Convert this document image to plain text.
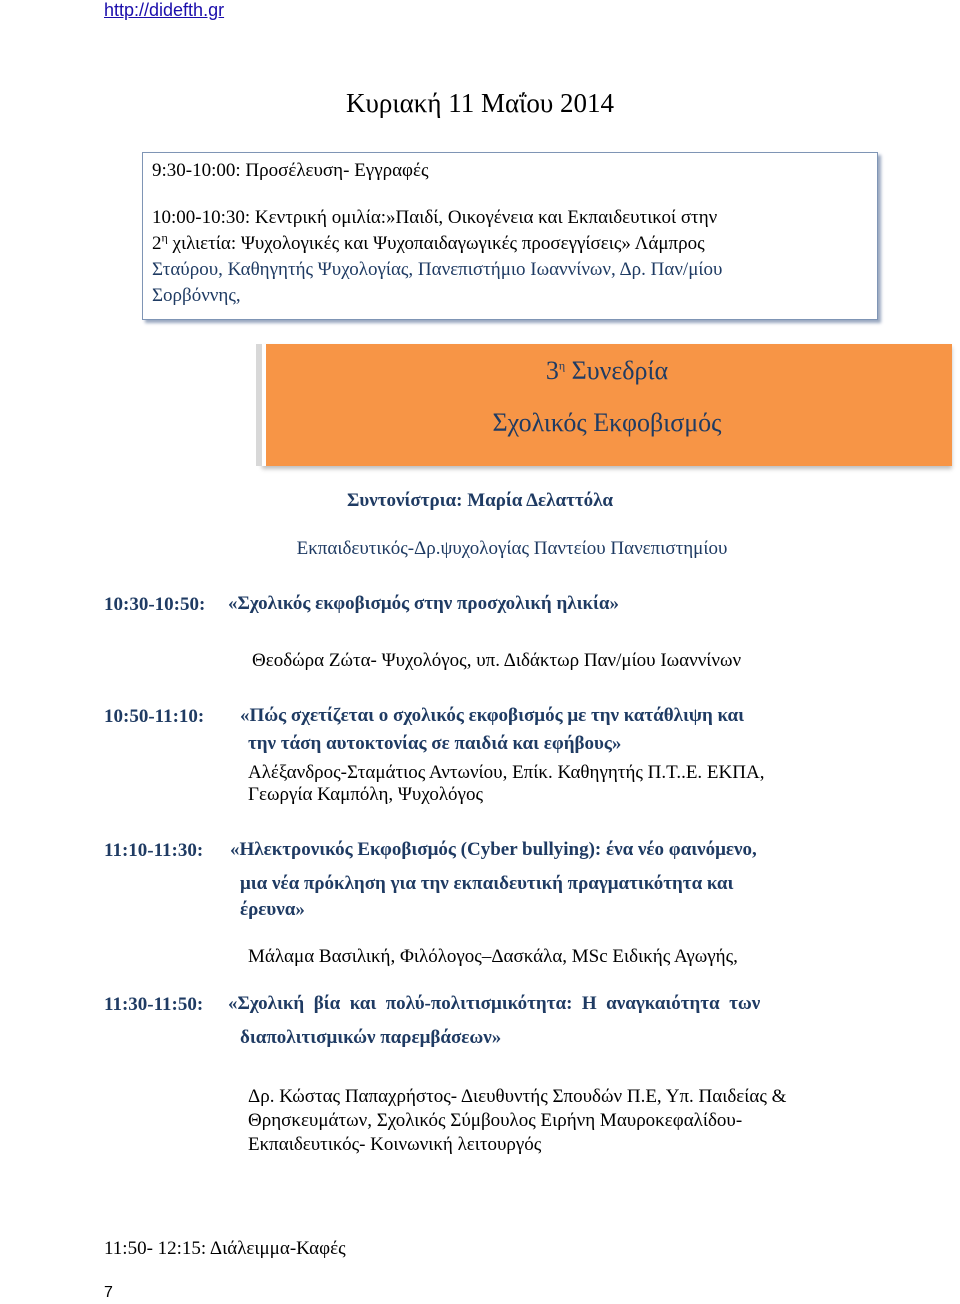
http://didefth.gr
Κυριακή 11 Μαΐου 2014
9:30-10:00: Προσέλευση- Εγγραφές
10:00-10:30: Κεντρική ομιλία:»Παιδί, Οικογένεια και Εκπαιδευτικοί στην
$2^\eta$ χιλιετία: Ψυχολογικές και Ψυχοπαιδαγωγικές προσεγγίσεις» Λάμπρος
Σταύρου, Καθηγητής Ψυχολογίας, Πανεπιστήμιο Ιωαννίνων, Δρ. Παν/μίου
Σορβόννης,
$3^\eta$ Συνεδρία
Σχολικός Εκφοβισμός
Συντονίστρια: Μαρία Δελαττόλα
Εκπαιδευτικός-Δρ.ψυχολογίας Παντείου Πανεπιστημίου
10:30-10:50: «Σχολικός εκφοβισμός στην προσχολική ηλικία»
Θεοδώρα Ζώτα- Ψυχολόγος, υπ. Διδάκτωρ Παν/μίου Ιωαννίνων
10:50-11:10: «Πώς σχετίζεται ο σχολικός εκφοβισμός με την κατάθλιψη και
την τάση αυτοκτονίας σε παιδιά και εφήβους»
Αλέξανδρος-Σταμάτιος Αντωνίου, Επίκ. Καθηγητής Π.Τ..Ε. ΕΚΠΑ,
Γεωργία Καμπόλη, Ψυχολόγος
11:10-11:30: «Ηλεκτρονικός Εκφοβισμός (Cyber bullying): ένα νέο φαινόμενο,
μια νέα πρόκληση για την εκπαιδευτική πραγματικότητα και
έρευνα»
Μάλαμα Βασιλική, Φιλόλογος–Δασκάλα, MSc Ειδικής Αγωγής,
11:30-11:50: «Σχολική  βία  και  πολύ-πολιτισμικότητα:  Η  αναγκαιότητα  των
διαπολιτισμικών παρεμβάσεων»
Δρ. Κώστας Παπαχρήστος- Διευθυντής Σπουδών Π.Ε, Υπ. Παιδείας &
Θρησκευμάτων, Σχολικός Σύμβουλος Ειρήνη Μαυροκεφαλίδου-
Εκπαιδευτικός- Κοινωνική λειτουργός
11:50- 12:15: Διάλειμμα-Καφές
7
